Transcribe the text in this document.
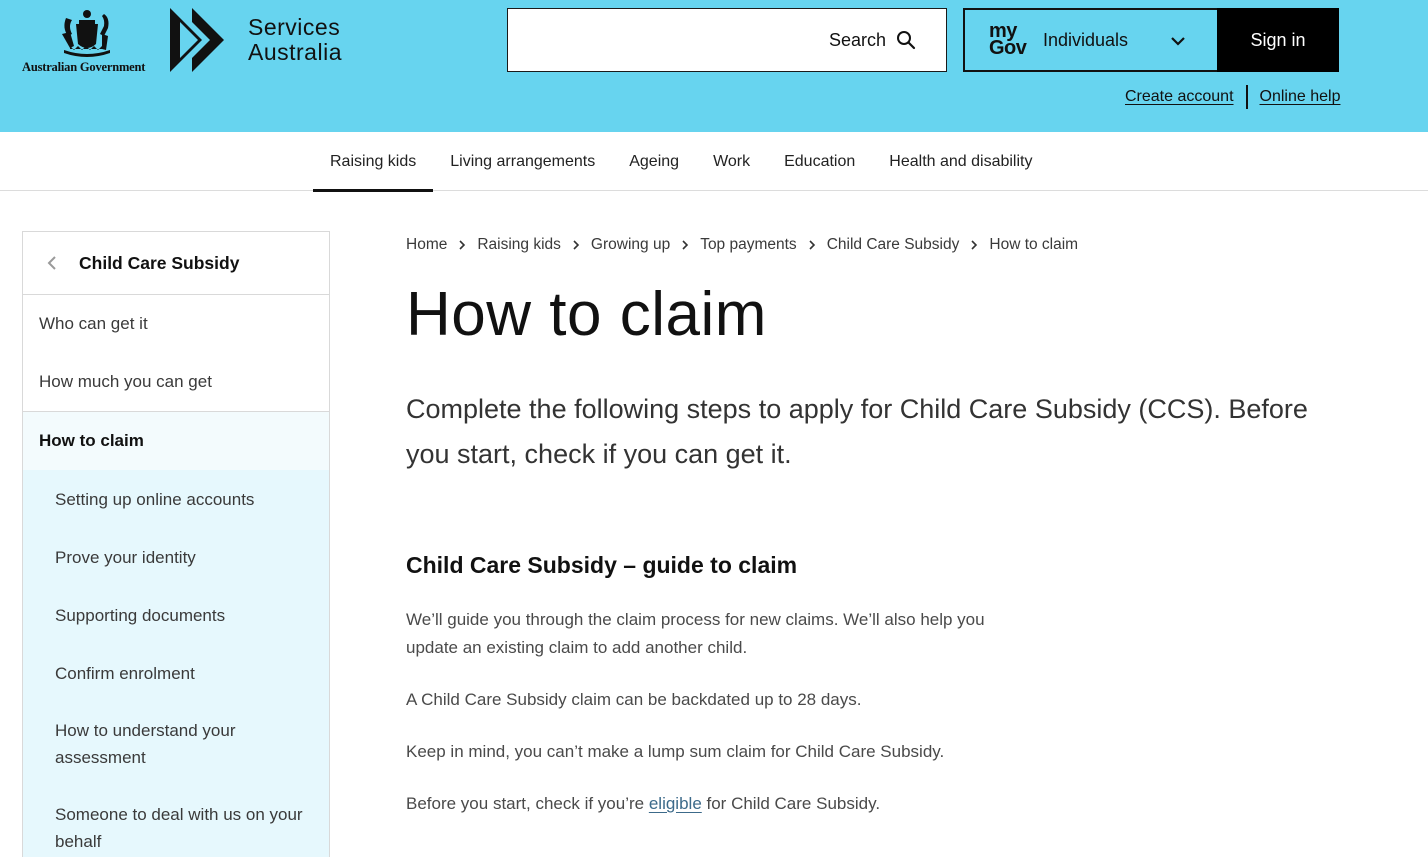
Australian Government
Services
Australia	Search	my
Gov Individuals	Sign in
Create account Online help
Raising kids	Living arrangements	Ageing	Work	Education	Health and disability
Child Care Subsidy
Who can get it
How much you can get
How to claim
Setting up online accounts
Prove your identity
Supporting documents
Confirm enrolment
How to understand your assessment
Someone to deal with us on your behalf
Home Raising kids Growing up Top payments Child Care Subsidy How to claim
How to claim

Complete the following steps to apply for Child Care Subsidy (CCS). Before you start, check if you can get it.

Child Care Subsidy – guide to claim

We’ll guide you through the claim process for new claims. We’ll also help you update an existing claim to add another child.

A Child Care Subsidy claim can be backdated up to 28 days.

Keep in mind, you can’t make a lump sum claim for Child Care Subsidy.

Before you start, check if you’re eligible for Child Care Subsidy.
